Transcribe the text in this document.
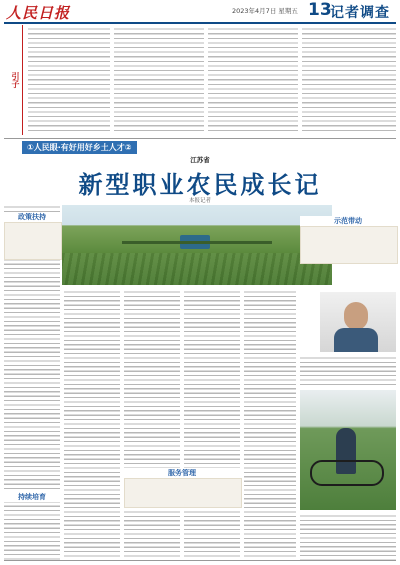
人民日报	2023年4月7日 星期五 13
记者调查
引子
①人民眼·有好用好乡土人才②
江苏省
新型职业农民成长记
本报记者
政策扶持	示范带动
服务管理
持续培育
